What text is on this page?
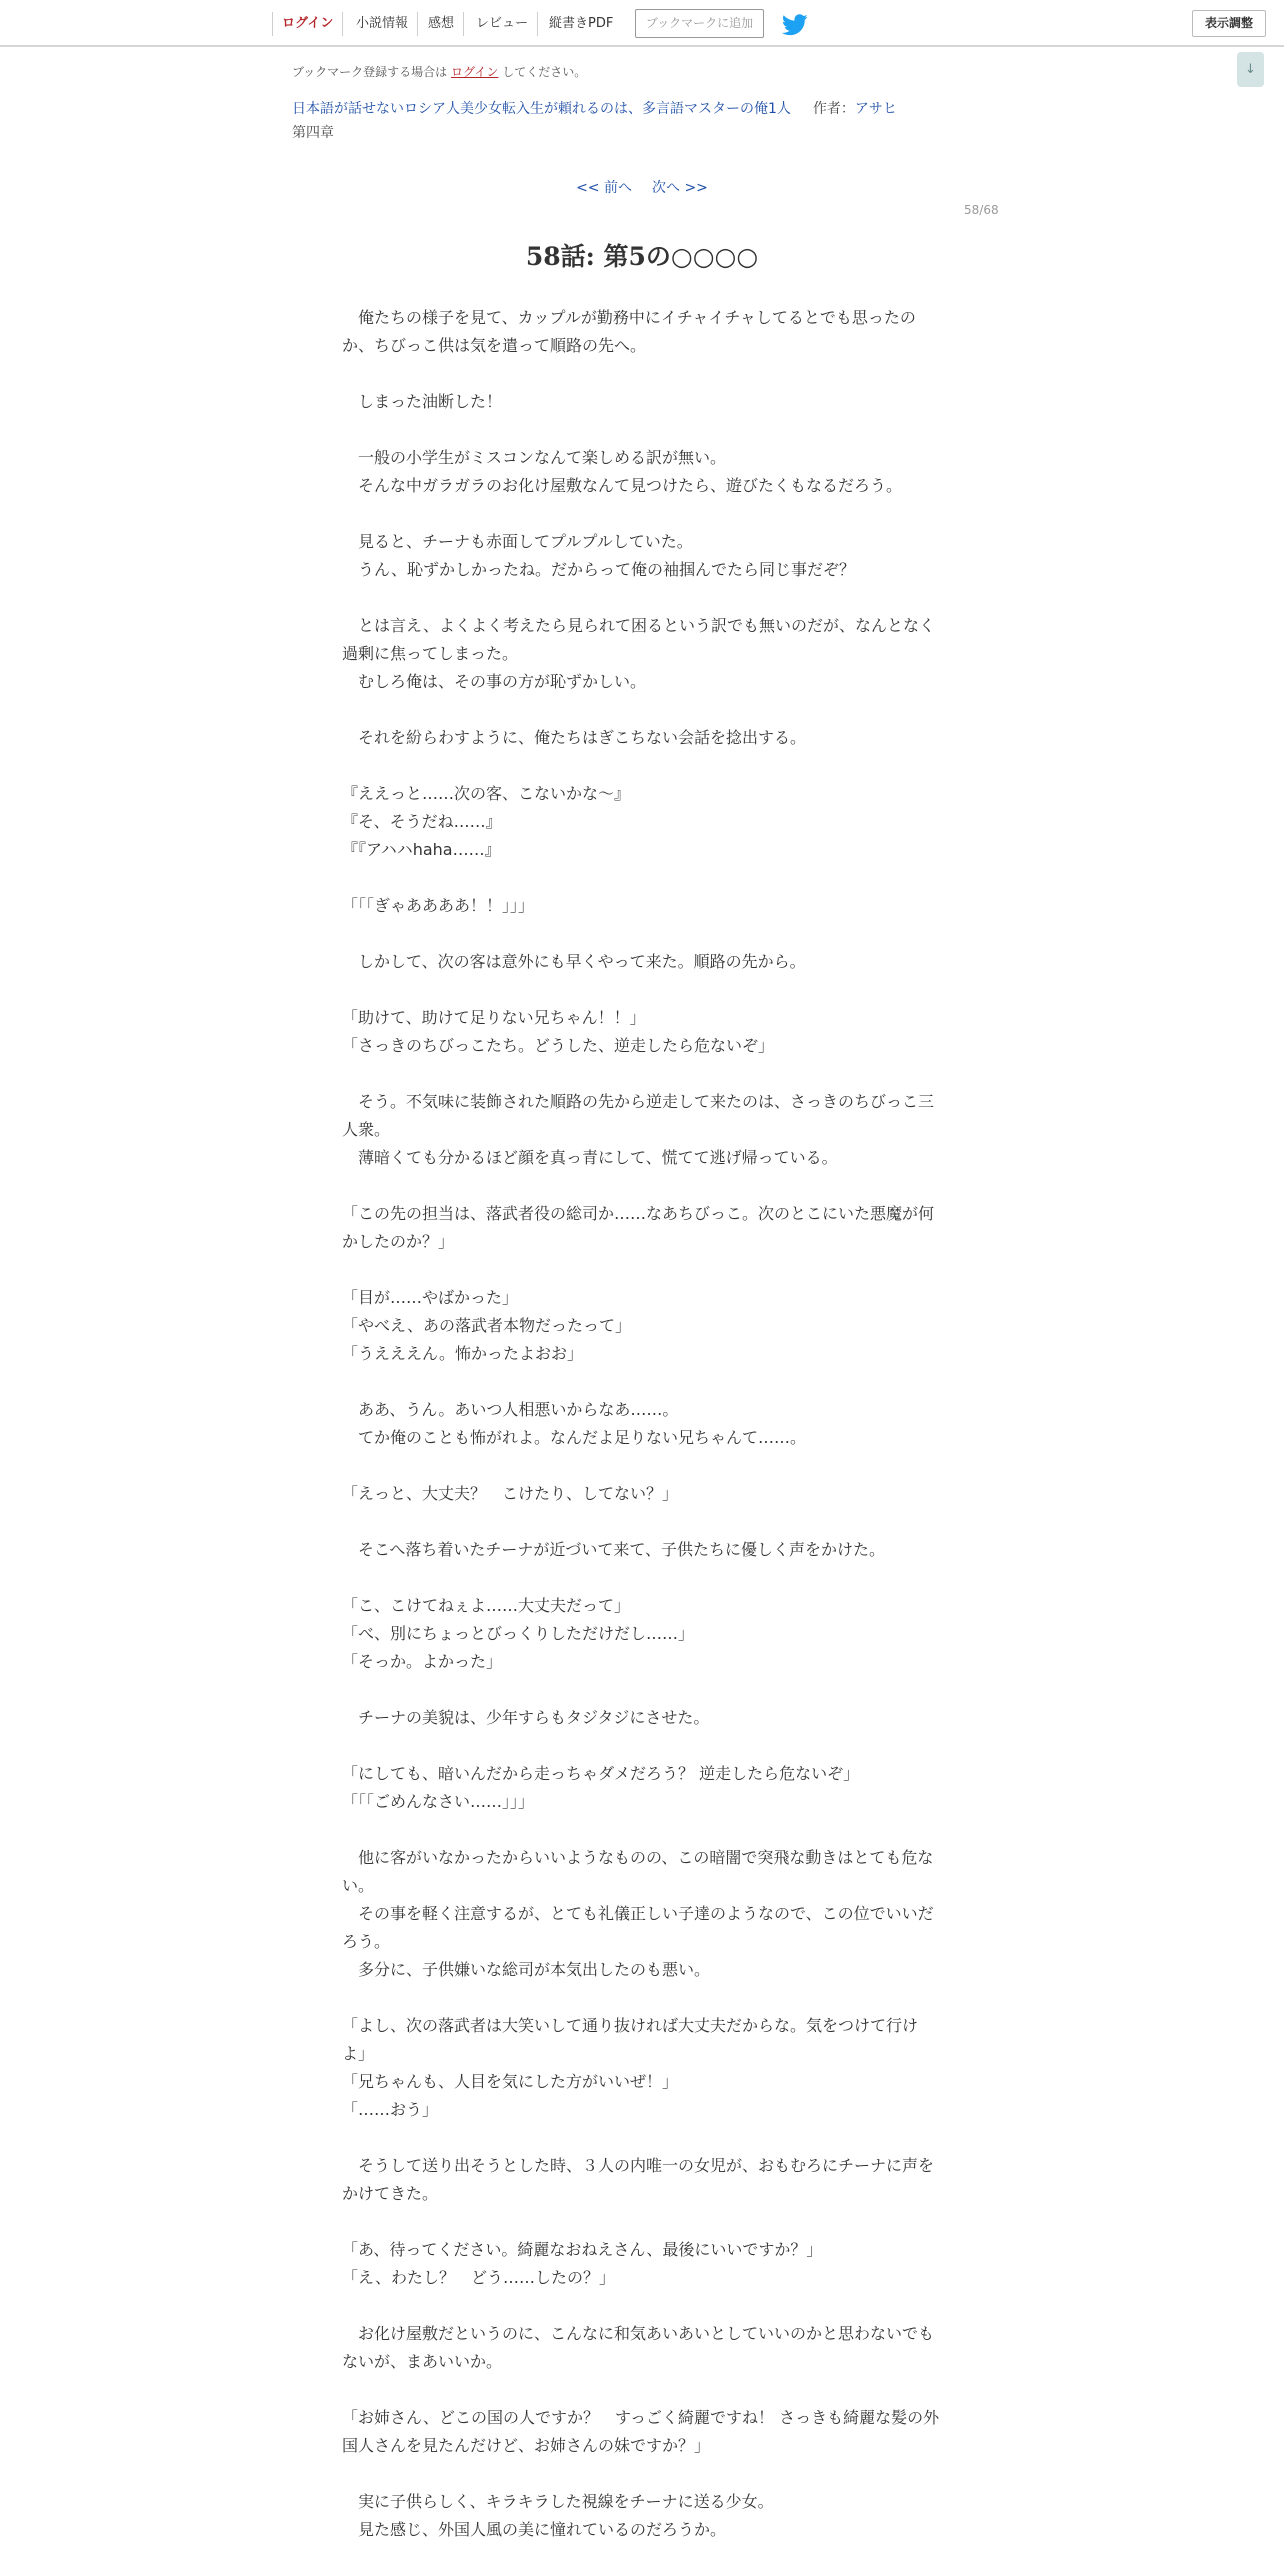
ログイン	小説情報	感想	レビュー	縦書きPDF	ブックマークに追加	表示調整
↓
ブックマーク登録する場合は ログイン してください。
日本語が話せないロシア人美少女転入生が頼れるのは、多言語マスターの俺1人 作者：アサヒ
第四章
<< 前へ 次へ >>
58/68
58話: 第5の○○○○

　俺たちの様子を見て、カップルが勤務中にイチャイチャしてるとでも思ったの

か、ちびっこ供は気を遣って順路の先へ。

　しまった油断した！

　一般の小学生がミスコンなんて楽しめる訳が無い。

　そんな中ガラガラのお化け屋敷なんて見つけたら、遊びたくもなるだろう。

　見ると、チーナも赤面してプルプルしていた。

　うん、恥ずかしかったね。だからって俺の袖掴んでたら同じ事だぞ？

　とは言え、よくよく考えたら見られて困るという訳でも無いのだが、なんとなく

過剰に焦ってしまった。

　むしろ俺は、その事の方が恥ずかしい。

　それを紛らわすように、俺たちはぎこちない会話を捻出する。

『ええっと……次の客、こないかな〜』

『そ、そうだね……』

『『アハハhaha……』

「「「ぎゃああああ！！」」」

　しかして、次の客は意外にも早くやって来た。順路の先から。

「助けて、助けて足りない兄ちゃん！！」

「さっきのちびっこたち。どうした、逆走したら危ないぞ」

　そう。不気味に装飾された順路の先から逆走して来たのは、さっきのちびっこ三

人衆。

　薄暗くても分かるほど顔を真っ青にして、慌てて逃げ帰っている。

「この先の担当は、落武者役の総司か……なあちびっこ。次のとこにいた悪魔が何

かしたのか？」

「目が……やばかった」

「やべえ、あの落武者本物だったって」

「うえええん。怖かったよおお」

　ああ、うん。あいつ人相悪いからなあ……。

　てか俺のことも怖がれよ。なんだよ足りない兄ちゃんて……。

「えっと、大丈夫？　こけたり、してない？」

　そこへ落ち着いたチーナが近づいて来て、子供たちに優しく声をかけた。

「こ、こけてねぇよ……大丈夫だって」

「べ、別にちょっとびっくりしただけだし……」

「そっか。よかった」

　チーナの美貌は、少年すらもタジタジにさせた。

「にしても、暗いんだから走っちゃダメだろう？ 逆走したら危ないぞ」

「「「ごめんなさい……」」」

　他に客がいなかったからいいようなものの、この暗闇で突飛な動きはとても危な

い。

　その事を軽く注意するが、とても礼儀正しい子達のようなので、この位でいいだ

ろう。

　多分に、子供嫌いな総司が本気出したのも悪い。

「よし、次の落武者は大笑いして通り抜ければ大丈夫だからな。気をつけて行け

よ」

「兄ちゃんも、人目を気にした方がいいぜ！」

「……おう」

　そうして送り出そうとした時、３人の内唯一の女児が、おもむろにチーナに声を

かけてきた。

「あ、待ってください。綺麗なおねえさん、最後にいいですか？」

「え、わたし？　どう……したの？」

　お化け屋敷だというのに、こんなに和気あいあいとしていいのかと思わないでも

ないが、まあいいか。

「お姉さん、どこの国の人ですか？　すっごく綺麗ですね！ さっきも綺麗な髪の外

国人さんを見たんだけど、お姉さんの妹ですか？」

　実に子供らしく、キラキラした視線をチーナに送る少女。

　見た感じ、外国人風の美に憧れているのだろうか。
